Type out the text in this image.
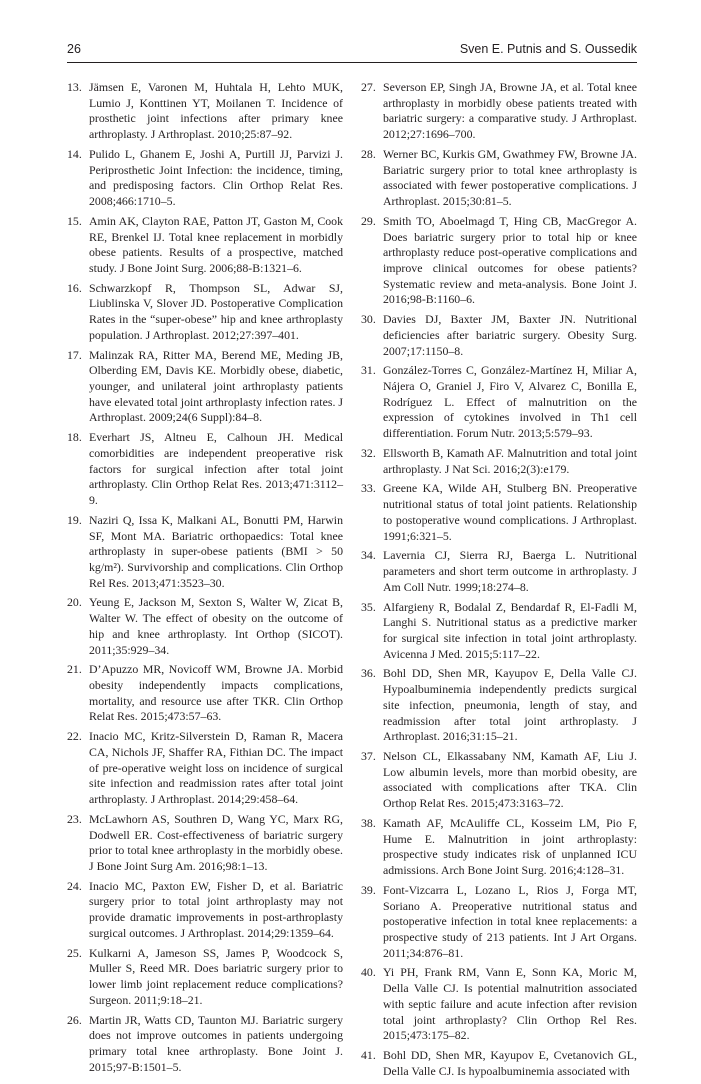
26	Sven E. Putnis and S. Oussedik
13. Jämsen E, Varonen M, Huhtala H, Lehto MUK, Lumio J, Konttinen YT, Moilanen T. Incidence of prosthetic joint infections after primary knee arthroplasty. J Arthroplast. 2010;25:87–92.
14. Pulido L, Ghanem E, Joshi A, Purtill JJ, Parvizi J. Periprosthetic Joint Infection: the incidence, timing, and predisposing factors. Clin Orthop Relat Res. 2008;466:1710–5.
15. Amin AK, Clayton RAE, Patton JT, Gaston M, Cook RE, Brenkel IJ. Total knee replacement in morbidly obese patients. Results of a prospective, matched study. J Bone Joint Surg. 2006;88-B:1321–6.
16. Schwarzkopf R, Thompson SL, Adwar SJ, Liublinska V, Slover JD. Postoperative Complication Rates in the “super-obese” hip and knee arthroplasty population. J Arthroplast. 2012;27:397–401.
17. Malinzak RA, Ritter MA, Berend ME, Meding JB, Olberding EM, Davis KE. Morbidly obese, diabetic, younger, and unilateral joint arthroplasty patients have elevated total joint arthroplasty infection rates. J Arthroplast. 2009;24(6 Suppl):84–8.
18. Everhart JS, Altneu E, Calhoun JH. Medical comorbidities are independent preoperative risk factors for surgical infection after total joint arthroplasty. Clin Orthop Relat Res. 2013;471:3112–9.
19. Naziri Q, Issa K, Malkani AL, Bonutti PM, Harwin SF, Mont MA. Bariatric orthopaedics: Total knee arthroplasty in super-obese patients (BMI > 50 kg/m²). Survivorship and complications. Clin Orthop Rel Res. 2013;471:3523–30.
20. Yeung E, Jackson M, Sexton S, Walter W, Zicat B, Walter W. The effect of obesity on the outcome of hip and knee arthroplasty. Int Orthop (SICOT). 2011;35:929–34.
21. D’Apuzzo MR, Novicoff WM, Browne JA. Morbid obesity independently impacts complications, mortality, and resource use after TKR. Clin Orthop Relat Res. 2015;473:57–63.
22. Inacio MC, Kritz-Silverstein D, Raman R, Macera CA, Nichols JF, Shaffer RA, Fithian DC. The impact of pre-operative weight loss on incidence of surgical site infection and readmission rates after total joint arthroplasty. J Arthroplast. 2014;29:458–64.
23. McLawhorn AS, Southren D, Wang YC, Marx RG, Dodwell ER. Cost-effectiveness of bariatric surgery prior to total knee arthroplasty in the morbidly obese. J Bone Joint Surg Am. 2016;98:1–13.
24. Inacio MC, Paxton EW, Fisher D, et al. Bariatric surgery prior to total joint arthroplasty may not provide dramatic improvements in post-arthroplasty surgical outcomes. J Arthroplast. 2014;29:1359–64.
25. Kulkarni A, Jameson SS, James P, Woodcock S, Muller S, Reed MR. Does bariatric surgery prior to lower limb joint replacement reduce complications? Surgeon. 2011;9:18–21.
26. Martin JR, Watts CD, Taunton MJ. Bariatric surgery does not improve outcomes in patients undergoing primary total knee arthroplasty. Bone Joint J. 2015;97-B:1501–5.
27. Severson EP, Singh JA, Browne JA, et al. Total knee arthroplasty in morbidly obese patients treated with bariatric surgery: a comparative study. J Arthroplast. 2012;27:1696–700.
28. Werner BC, Kurkis GM, Gwathmey FW, Browne JA. Bariatric surgery prior to total knee arthroplasty is associated with fewer postoperative complications. J Arthroplast. 2015;30:81–5.
29. Smith TO, Aboelmagd T, Hing CB, MacGregor A. Does bariatric surgery prior to total hip or knee arthroplasty reduce post-operative complications and improve clinical outcomes for obese patients? Systematic review and meta-analysis. Bone Joint J. 2016;98-B:1160–6.
30. Davies DJ, Baxter JM, Baxter JN. Nutritional deficiencies after bariatric surgery. Obesity Surg. 2007;17:1150–8.
31. González-Torres C, González-Martínez H, Miliar A, Nájera O, Graniel J, Firo V, Alvarez C, Bonilla E, Rodríguez L. Effect of malnutrition on the expression of cytokines involved in Th1 cell differentiation. Forum Nutr. 2013;5:579–93.
32. Ellsworth B, Kamath AF. Malnutrition and total joint arthroplasty. J Nat Sci. 2016;2(3):e179.
33. Greene KA, Wilde AH, Stulberg BN. Preoperative nutritional status of total joint patients. Relationship to postoperative wound complications. J Arthroplast. 1991;6:321–5.
34. Lavernia CJ, Sierra RJ, Baerga L. Nutritional parameters and short term outcome in arthroplasty. J Am Coll Nutr. 1999;18:274–8.
35. Alfargieny R, Bodalal Z, Bendardaf R, El-Fadli M, Langhi S. Nutritional status as a predictive marker for surgical site infection in total joint arthroplasty. Avicenna J Med. 2015;5:117–22.
36. Bohl DD, Shen MR, Kayupov E, Della Valle CJ. Hypoalbuminemia independently predicts surgical site infection, pneumonia, length of stay, and readmission after total joint arthroplasty. J Arthroplast. 2016;31:15–21.
37. Nelson CL, Elkassabany NM, Kamath AF, Liu J. Low albumin levels, more than morbid obesity, are associated with complications after TKA. Clin Orthop Relat Res. 2015;473:3163–72.
38. Kamath AF, McAuliffe CL, Kosseim LM, Pio F, Hume E. Malnutrition in joint arthroplasty: prospective study indicates risk of unplanned ICU admissions. Arch Bone Joint Surg. 2016;4:128–31.
39. Font-Vizcarra L, Lozano L, Rios J, Forga MT, Soriano A. Preoperative nutritional status and postoperative infection in total knee replacements: a prospective study of 213 patients. Int J Art Organs. 2011;34:876–81.
40. Yi PH, Frank RM, Vann E, Sonn KA, Moric M, Della Valle CJ. Is potential malnutrition associated with septic failure and acute infection after revision total joint arthroplasty? Clin Orthop Rel Res. 2015;473:175–82.
41. Bohl DD, Shen MR, Kayupov E, Cvetanovich GL, Della Valle CJ. Is hypoalbuminemia associated with
